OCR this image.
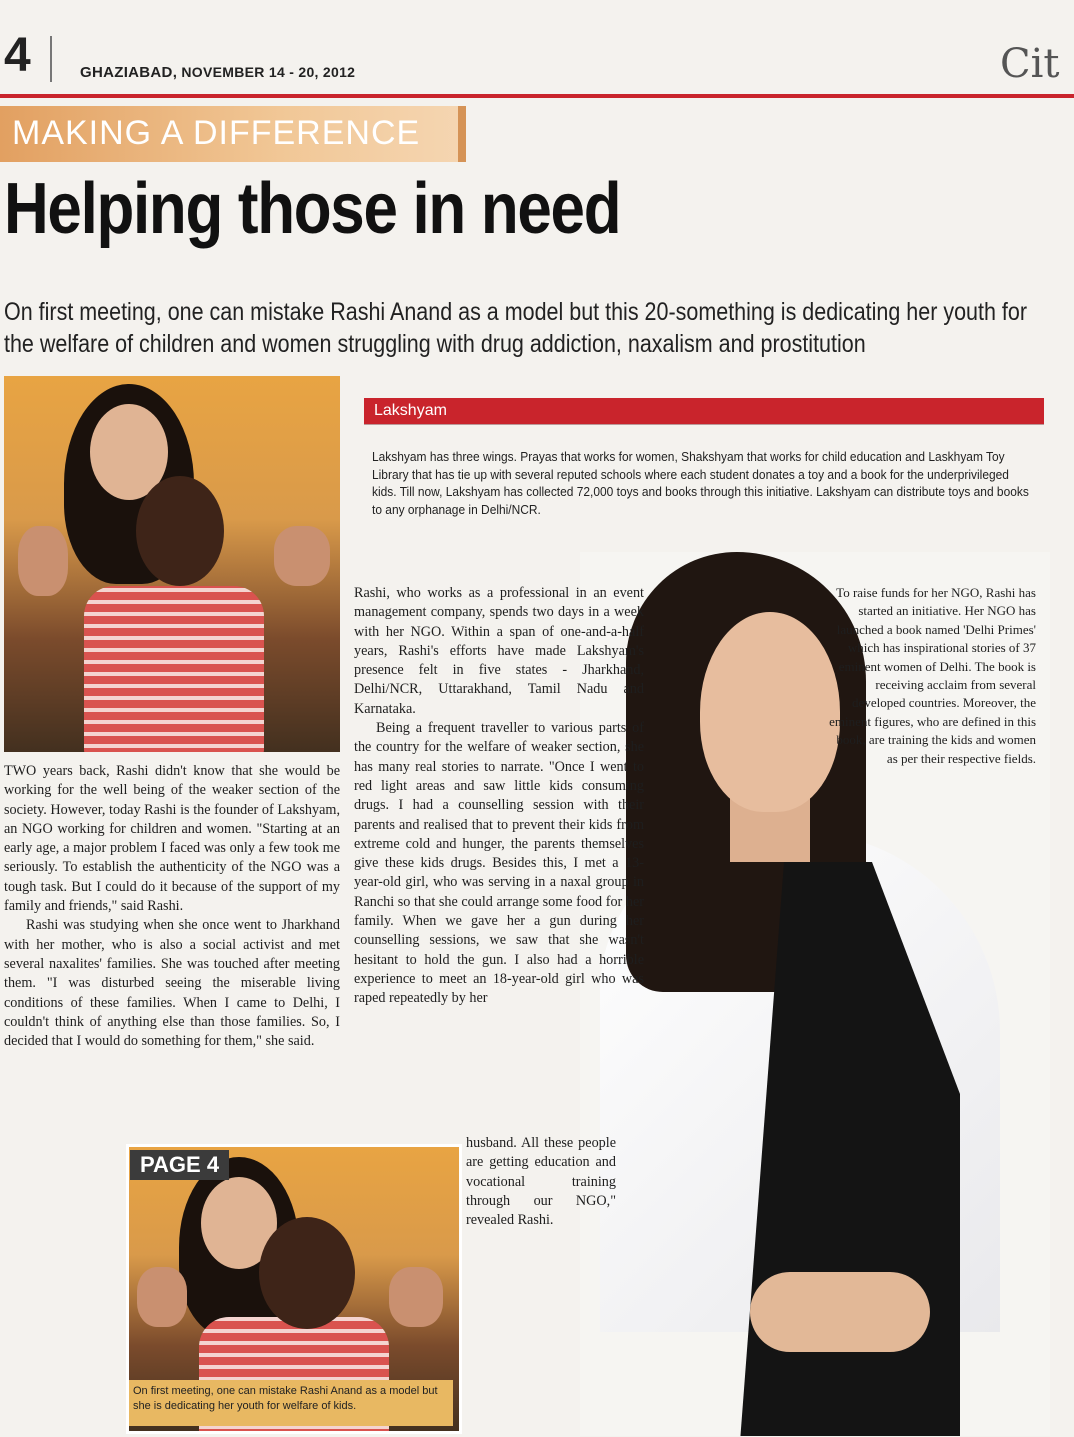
4	GHAZIABAD, NOVEMBER 14 - 20, 2012	Cit
MAKING A DIFFERENCE
Helping those in need
On first meeting, one can mistake Rashi Anand as a model but this 20-something is dedicating her youth for the welfare of children and women struggling with drug addiction, naxalism and prostitution
Lakshyam
Lakshyam has three wings. Prayas that works for women, Shakshyam that works for child education and Laskhyam Toy Library that has tie up with several reputed schools where each student donates a toy and a book for the underprivileged kids. Till now, Lakshyam has collected 72,000 toys and books through this initiative. Lakshyam can distribute toys and books to any orphanage in Delhi/NCR.

TWO years back, Rashi didn't know that she would be working for the well being of the weaker section of the society. However, today Rashi is the founder of Lakshyam, an NGO working for children and women. "Starting at an early age, a major problem I faced was only a few took me seriously. To establish the authenticity of the NGO was a tough task. But I could do it because of the support of my family and friends," said Rashi.

Rashi was studying when she once went to Jharkhand with her mother, who is also a social activist and met several naxalites' families. She was touched after meeting them. "I was disturbed seeing the miserable living conditions of these families. When I came to Delhi, I couldn't think of anything else than those families. So, I decided that I would do something for them," she said.

Rashi, who works as a professional in an event management company, spends two days in a week with her NGO. Within a span of one-and-a-half years, Rashi's efforts have made Lakshyam's presence felt in five states - Jharkhand, Delhi/NCR, Uttarakhand, Tamil Nadu and Karnataka.

Being a frequent traveller to various parts of the country for the welfare of weaker section, she has many real stories to narrate. "Once I went to red light areas and saw little kids consuming drugs. I had a counselling session with their parents and realised that to prevent their kids from extreme cold and hunger, the parents themselves give these kids drugs. Besides this, I met a 13-year-old girl, who was serving in a naxal group in Ranchi so that she could arrange some food for her family. When we gave her a gun during her counselling sessions, we saw that she wasn't hesitant to hold the gun. I also had a horrible experience to meet an 18-year-old girl who was raped repeatedly by her

To raise funds for her NGO, Rashi has started an initiative. Her NGO has launched a book named 'Delhi Primes' which has inspirational stories of 37 eminent women of Delhi. The book is receiving acclaim from several developed countries. Moreover, the eminent figures, who are defined in this book, are training the kids and women as per their respective fields.

husband. All these people are getting education and vocational training through our NGO," revealed Rashi.

PAGE 4
On first meeting, one can mistake Rashi Anand as a model but she is dedicating her youth for welfare of kids.
